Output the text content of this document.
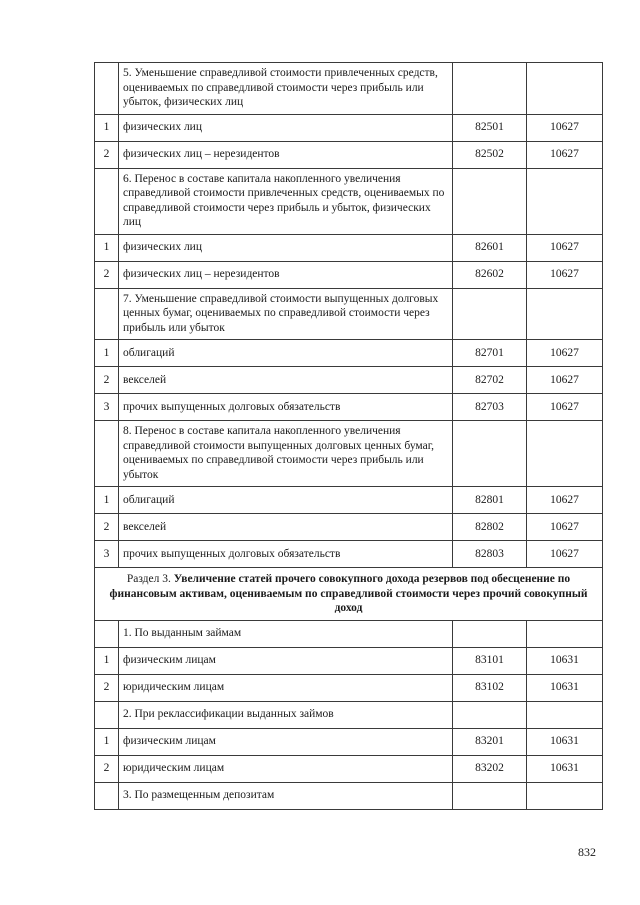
	5. Уменьшение справедливой стоимости привлеченных средств, оцениваемых по справедливой стоимости через прибыль или убыток, физических лиц		
1	физических лиц	82501	10627
2	физических лиц – нерезидентов	82502	10627
	6. Перенос в составе капитала накопленного увеличения справедливой стоимости привлеченных средств, оцениваемых по справедливой стоимости через прибыль и убыток, физических лиц		
1	физических лиц	82601	10627
2	физических лиц – нерезидентов	82602	10627
	7. Уменьшение справедливой стоимости выпущенных долговых ценных бумаг, оцениваемых по справедливой стоимости через прибыль или убыток		
1	облигаций	82701	10627
2	векселей	82702	10627
3	прочих выпущенных долговых обязательств	82703	10627
	8. Перенос в составе капитала накопленного увеличения справедливой стоимости выпущенных долговых ценных бумаг, оцениваемых по справедливой стоимости через прибыль или убыток		
1	облигаций	82801	10627
2	векселей	82802	10627
3	прочих выпущенных долговых обязательств	82803	10627
Раздел 3. Увеличение статей прочего совокупного дохода резервов под обесценение по финансовым активам, оцениваемым по справедливой стоимости через прочий совокупный доход			
	1. По выданным займам		
1	физическим лицам	83101	10631
2	юридическим лицам	83102	10631
	2. При реклассификации выданных займов		
1	физическим лицам	83201	10631
2	юридическим лицам	83202	10631
	3. По размещенным депозитам		
832
